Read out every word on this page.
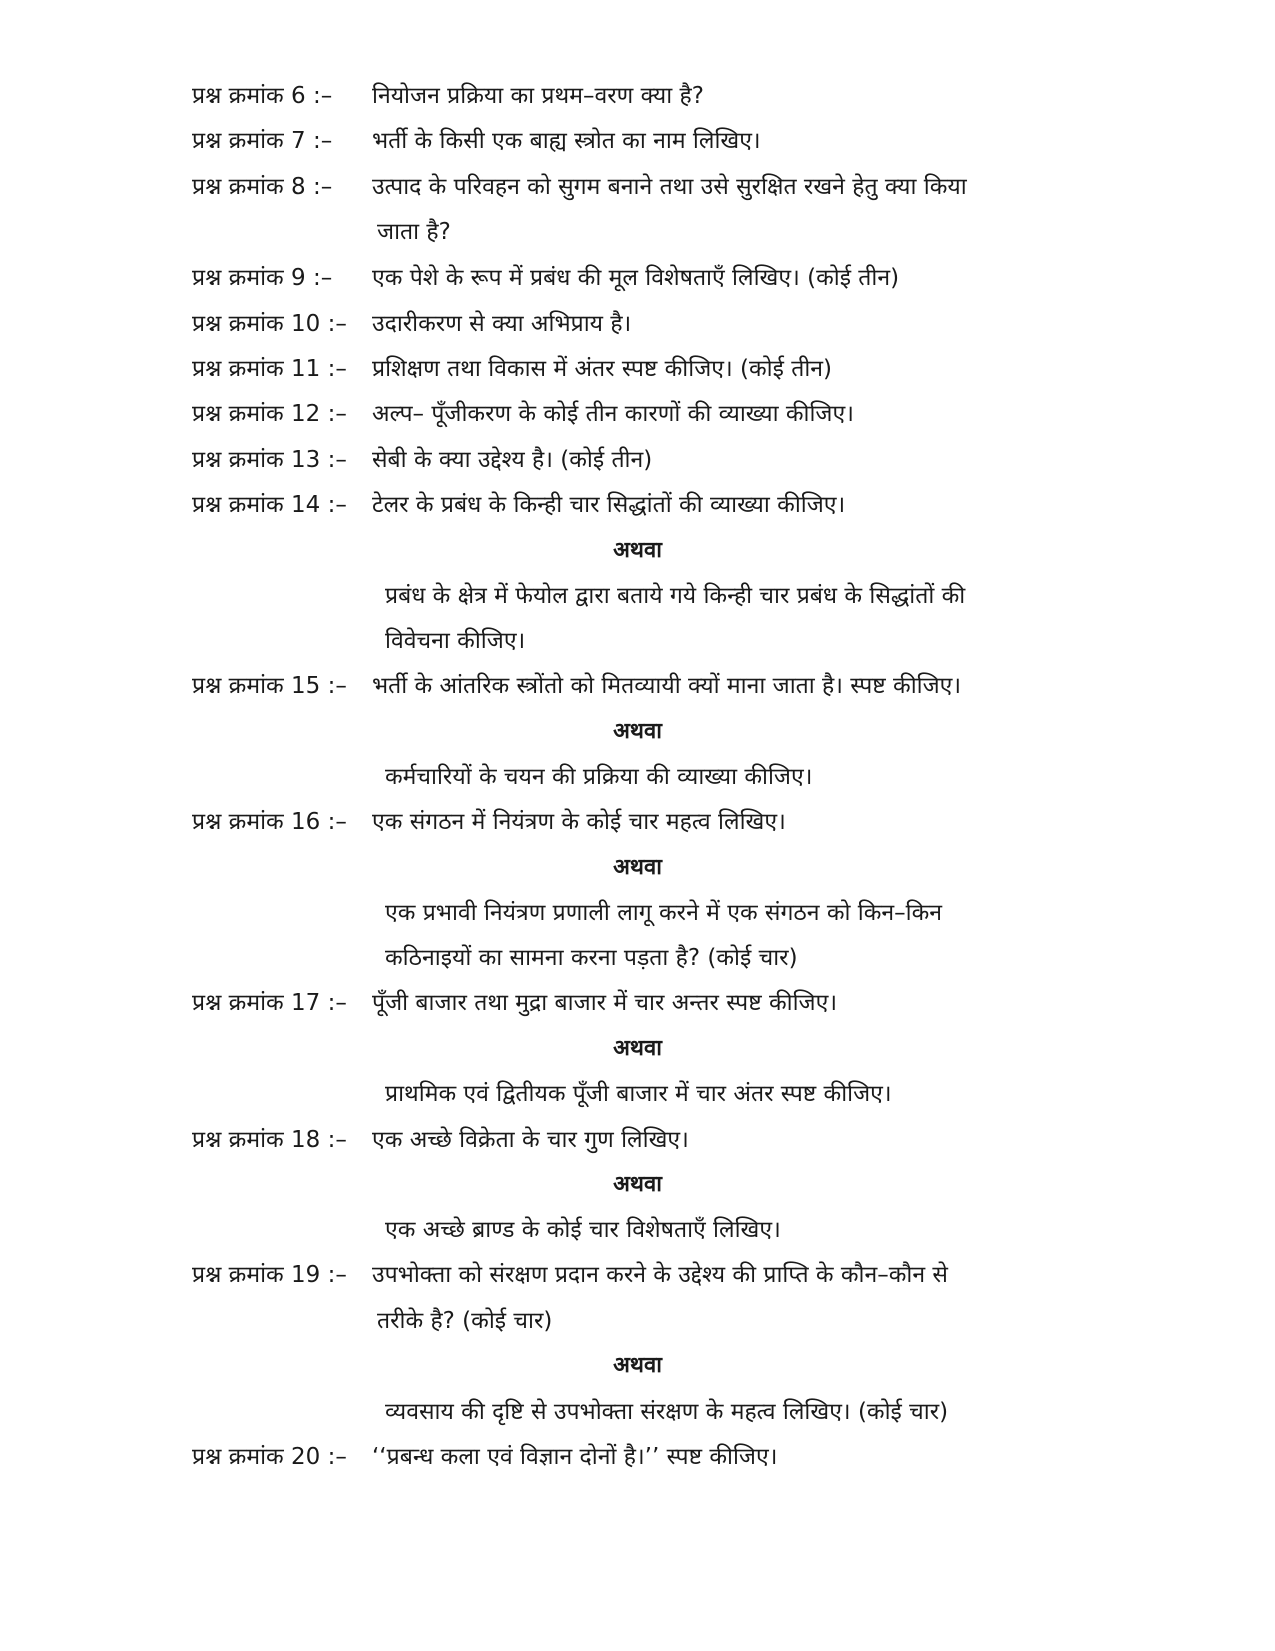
प्रश्न क्रमांक 6 :– नियोजन प्रक्रिया का प्रथम–वरण क्या है?
प्रश्न क्रमांक 7 :– भर्ती के किसी एक बाह्य स्त्रोत का नाम लिखिए।
प्रश्न क्रमांक 8 :– उत्पाद के परिवहन को सुगम बनाने तथा उसे सुरक्षित रखने हेतु क्या किया
जाता है?
प्रश्न क्रमांक 9 :– एक पेशे के रूप में प्रबंध की मूल विशेषताएँ लिखिए। (कोई तीन)
प्रश्न क्रमांक 10 :– उदारीकरण से क्या अभिप्राय है।
प्रश्न क्रमांक 11 :– प्रशिक्षण तथा विकास में अंतर स्पष्ट कीजिए। (कोई तीन)
प्रश्न क्रमांक 12 :– अल्प– पूँजीकरण के कोई तीन कारणों की व्याख्या कीजिए।
प्रश्न क्रमांक 13 :– सेबी के क्या उद्देश्य है। (कोई तीन)
प्रश्न क्रमांक 14 :– टेलर के प्रबंध के किन्ही चार सिद्धांतों की व्याख्या कीजिए।
अथवा
प्रबंध के क्षेत्र में फेयोल द्वारा बताये गये किन्ही चार प्रबंध के सिद्धांतों की
विवेचना कीजिए।
प्रश्न क्रमांक 15 :– भर्ती के आंतरिक स्त्रोंतो को मितव्यायी क्यों माना जाता है। स्पष्ट कीजिए।
अथवा
कर्मचारियों के चयन की प्रक्रिया की व्याख्या कीजिए।
प्रश्न क्रमांक 16 :– एक संगठन में नियंत्रण के कोई चार महत्व लिखिए।
अथवा
एक प्रभावी नियंत्रण प्रणाली लागू करने में एक संगठन को किन–किन
कठिनाइयों का सामना करना पड़ता है? (कोई चार)
प्रश्न क्रमांक 17 :– पूँजी बाजार तथा मुद्रा बाजार में चार अन्तर स्पष्ट कीजिए।
अथवा
प्राथमिक एवं द्वितीयक पूँजी बाजार में चार अंतर स्पष्ट कीजिए।
प्रश्न क्रमांक 18 :– एक अच्छे विक्रेता के चार गुण लिखिए।
अथवा
एक अच्छे ब्राण्ड के कोई चार विशेषताएँ लिखिए।
प्रश्न क्रमांक 19 :– उपभोक्ता को संरक्षण प्रदान करने के उद्देश्य की प्राप्ति के कौन–कौन से
तरीके है? (कोई चार)
अथवा
व्यवसाय की दृष्टि से उपभोक्ता संरक्षण के महत्व लिखिए। (कोई चार)
प्रश्न क्रमांक 20 :– ‘‘प्रबन्ध कला एवं विज्ञान दोनों है।’’ स्पष्ट कीजिए।
